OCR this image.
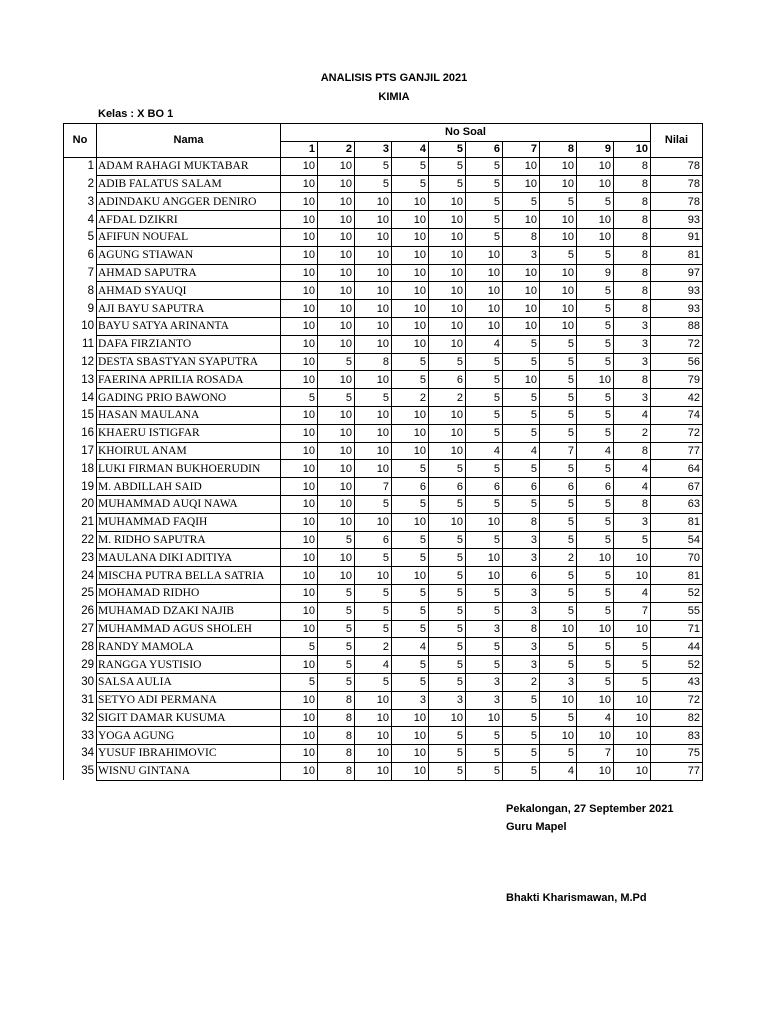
ANALISIS PTS GANJIL 2021
KIMIA
Kelas : X BO 1
No	Nama	No Soal										Nilai
		1	2	3	4	5	6	7	8	9	10	
1	ADAM RAHAGI MUKTABAR	10	10	5	5	5	5	10	10	10	8	78
2	ADIB FALATUS SALAM	10	10	5	5	5	5	10	10	10	8	78
3	ADINDAKU ANGGER DENIRO	10	10	10	10	10	5	5	5	5	8	78
4	AFDAL DZIKRI	10	10	10	10	10	5	10	10	10	8	93
5	AFIFUN NOUFAL	10	10	10	10	10	5	8	10	10	8	91
6	AGUNG STIAWAN	10	10	10	10	10	10	3	5	5	8	81
7	AHMAD SAPUTRA	10	10	10	10	10	10	10	10	9	8	97
8	AHMAD SYAUQI	10	10	10	10	10	10	10	10	5	8	93
9	AJI BAYU SAPUTRA	10	10	10	10	10	10	10	10	5	8	93
10	BAYU SATYA ARINANTA	10	10	10	10	10	10	10	10	5	3	88
11	DAFA FIRZIANTO	10	10	10	10	10	4	5	5	5	3	72
12	DESTA SBASTYAN SYAPUTRA	10	5	8	5	5	5	5	5	5	3	56
13	FAERINA APRILIA ROSADA	10	10	10	5	6	5	10	5	10	8	79
14	GADING PRIO BAWONO	5	5	5	2	2	5	5	5	5	3	42
15	HASAN MAULANA	10	10	10	10	10	5	5	5	5	4	74
16	KHAERU ISTIGFAR	10	10	10	10	10	5	5	5	5	2	72
17	KHOIRUL ANAM	10	10	10	10	10	4	4	7	4	8	77
18	LUKI FIRMAN BUKHOERUDIN	10	10	10	5	5	5	5	5	5	4	64
19	M. ABDILLAH SAID	10	10	7	6	6	6	6	6	6	4	67
20	MUHAMMAD AUQI NAWA	10	10	5	5	5	5	5	5	5	8	63
21	MUHAMMAD FAQIH	10	10	10	10	10	10	8	5	5	3	81
22	M. RIDHO SAPUTRA	10	5	6	5	5	5	3	5	5	5	54
23	MAULANA DIKI ADITIYA	10	10	5	5	5	10	3	2	10	10	70
24	MISCHA PUTRA BELLA SATRIA	10	10	10	10	5	10	6	5	5	10	81
25	MOHAMAD RIDHO	10	5	5	5	5	5	3	5	5	4	52
26	MUHAMAD DZAKI NAJIB	10	5	5	5	5	5	3	5	5	7	55
27	MUHAMMAD AGUS SHOLEH	10	5	5	5	5	3	8	10	10	10	71
28	RANDY MAMOLA	5	5	2	4	5	5	3	5	5	5	44
29	RANGGA YUSTISIO	10	5	4	5	5	5	3	5	5	5	52
30	SALSA AULIA	5	5	5	5	5	3	2	3	5	5	43
31	SETYO ADI PERMANA	10	8	10	3	3	3	5	10	10	10	72
32	SIGIT DAMAR KUSUMA	10	8	10	10	10	10	5	5	4	10	82
33	YOGA AGUNG	10	8	10	10	5	5	5	10	10	10	83
34	YUSUF IBRAHIMOVIC	10	8	10	10	5	5	5	5	7	10	75
35	WISNU GINTANA	10	8	10	10	5	5	5	4	10	10	77
Pekalongan, 27 September 2021
Guru Mapel
Bhakti Kharismawan, M.Pd
